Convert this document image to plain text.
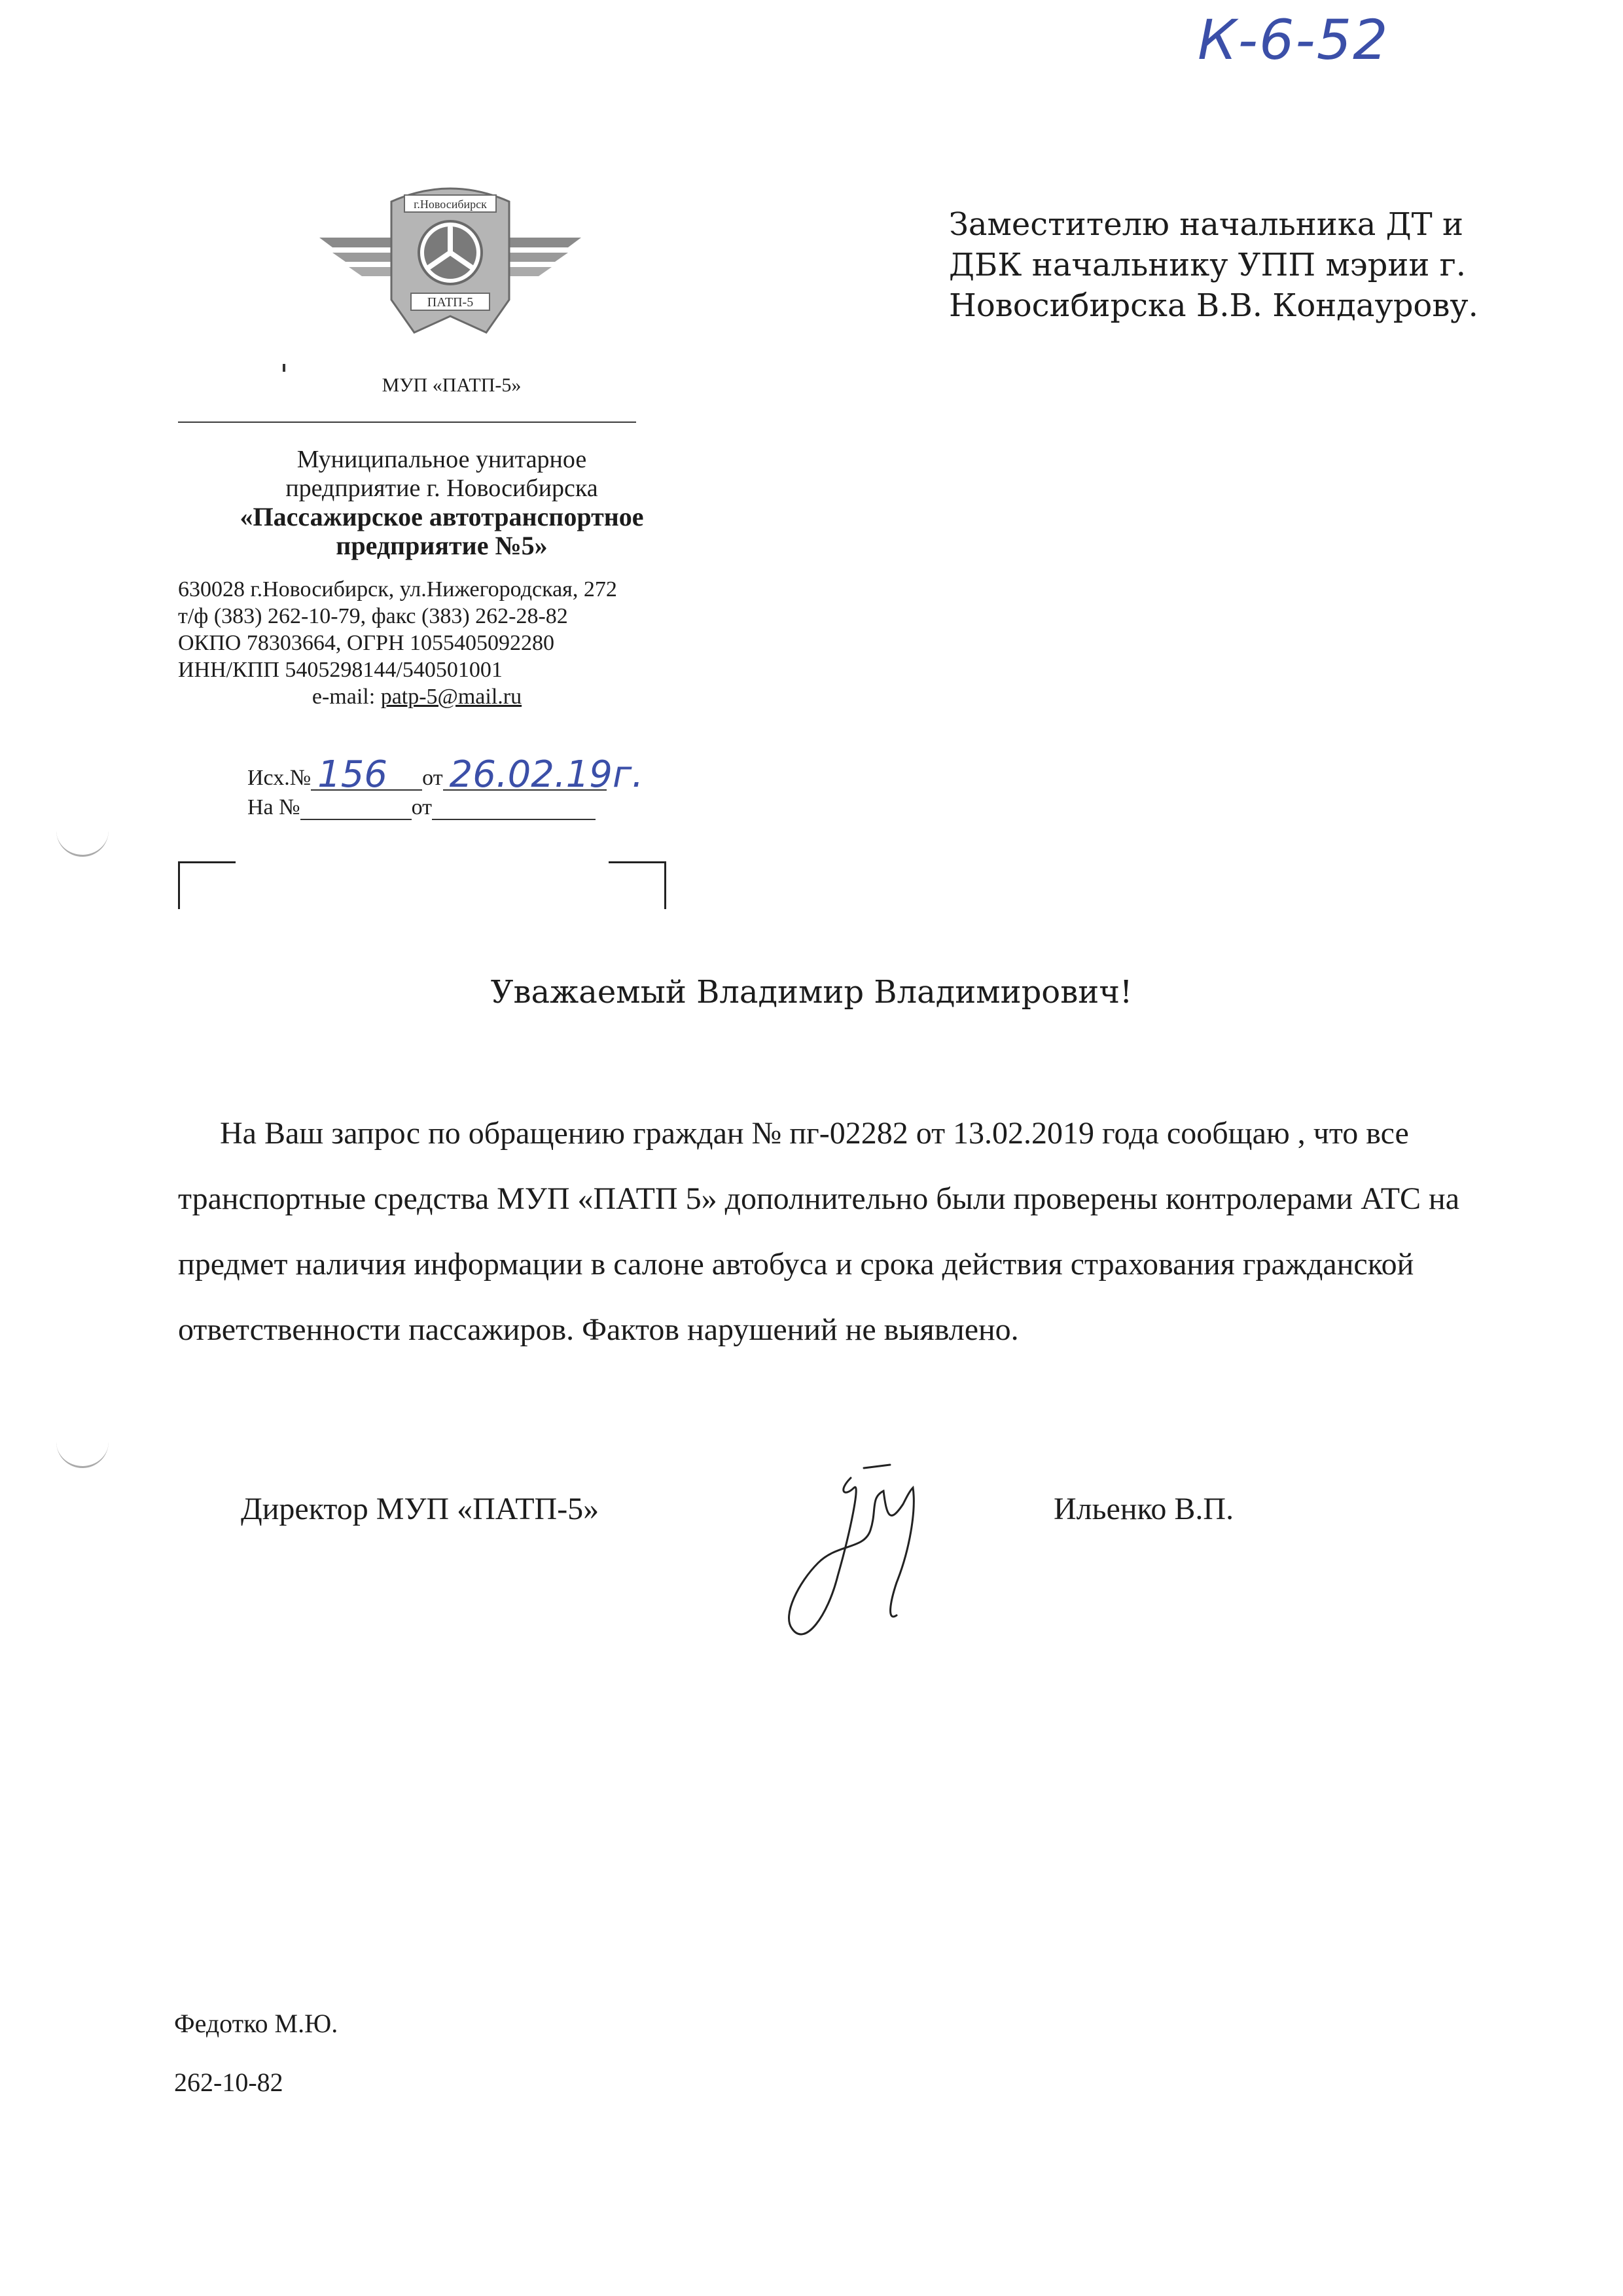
К-6-52
г.Новосибирск
ПАТП-5
МУП «ПАТП-5»
Муниципальное унитарное
предприятие г. Новосибирска
«Пассажирское автотранспортное
предприятие №5»
630028 г.Новосибирск, ул.Нижегородская, 272
т/ф (383) 262-10-79, факс (383) 262-28-82
ОКПО 78303664, ОГРН 1055405092280
ИНН/КПП 5405298144/540501001
e-mail: patp-5@mail.ru
Исх.№ 156 от 26.02.19г.
На №	от
Заместителю начальника ДТ и
ДБК начальнику УПП мэрии г.
Новосибирска В.В. Кондаурову.
Уважаемый Владимир Владимирович!
На Ваш запрос по обращению граждан № пг-02282 от 13.02.2019 года сообщаю , что все транспортные средства МУП «ПАТП 5» дополнительно были проверены контролерами АТС на предмет наличия информации в салоне автобуса и срока действия страхования гражданской ответственности пассажиров. Фактов нарушений не выявлено.
Директор МУП «ПАТП-5»	Ильенко В.П.
Федотко М.Ю.
262-10-82
